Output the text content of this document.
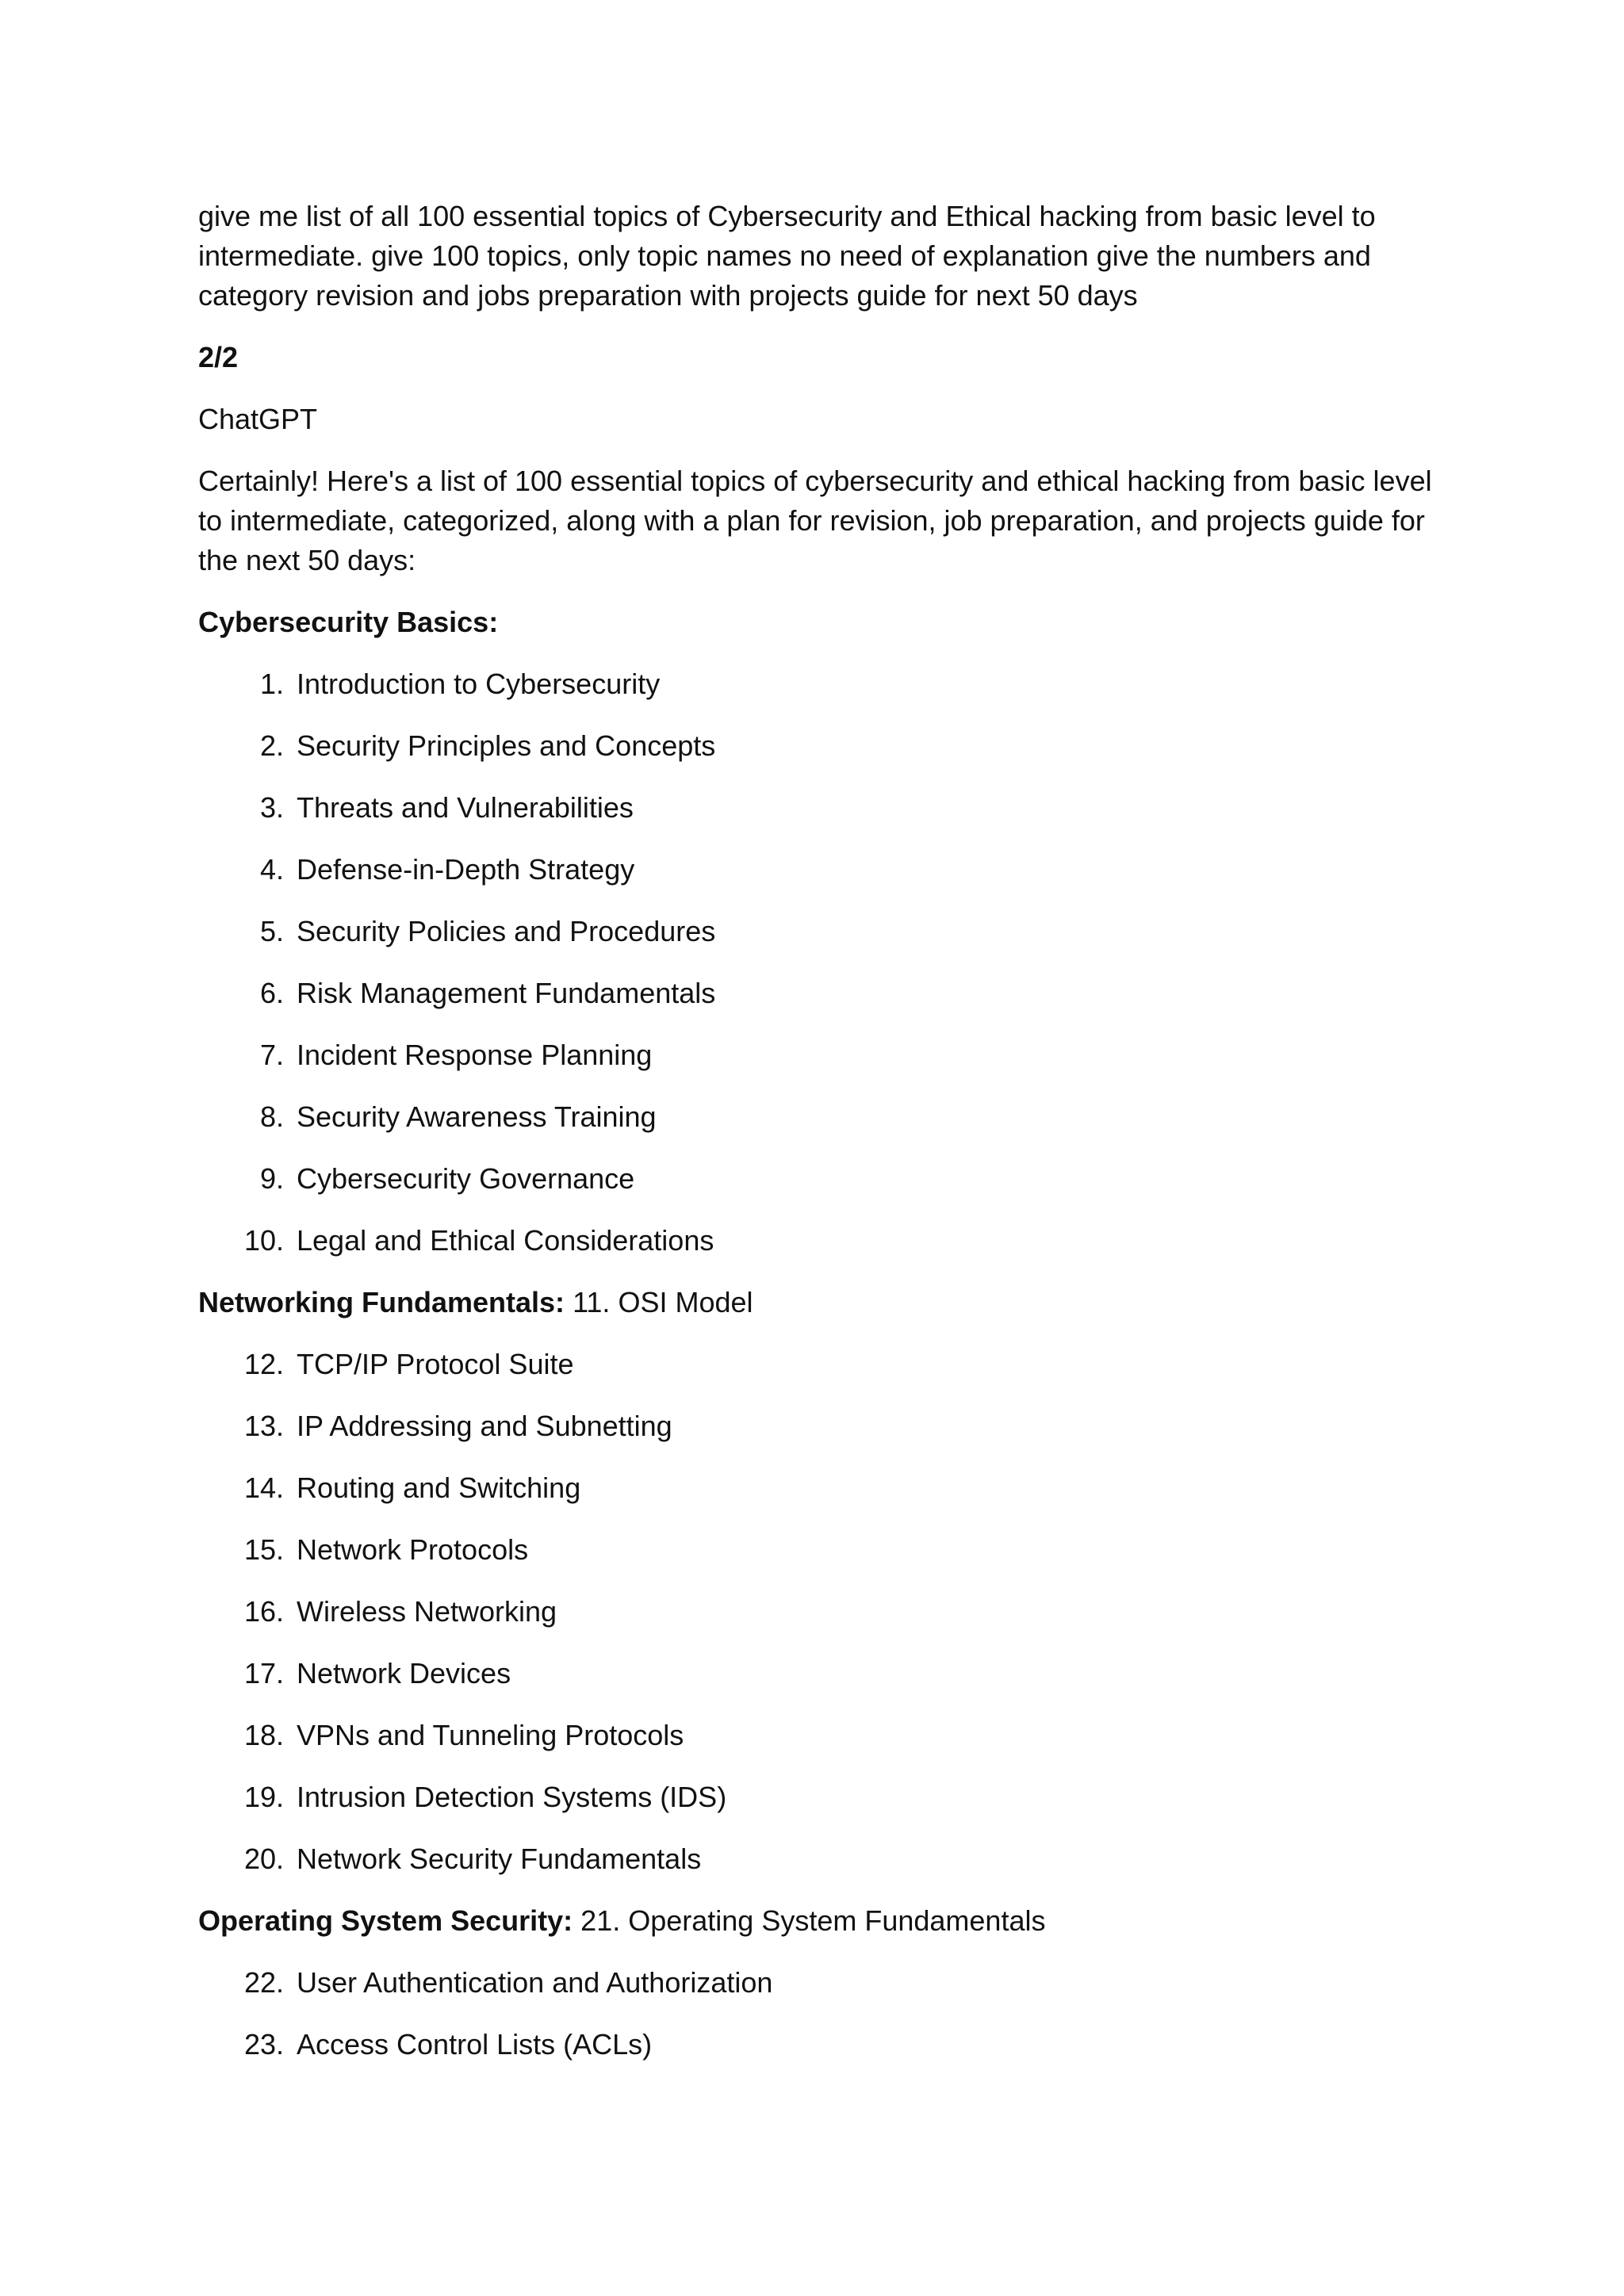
give me list of all 100 essential topics of Cybersecurity and Ethical hacking from basic level to intermediate. give 100 topics, only topic names no need of explanation give the numbers and category revision and jobs preparation with projects guide for next 50 days

2/2

ChatGPT

Certainly! Here's a list of 100 essential topics of cybersecurity and ethical hacking from basic level to intermediate, categorized, along with a plan for revision, job preparation, and projects guide for the next 50 days:

Cybersecurity Basics:

1. Introduction to Cybersecurity
2. Security Principles and Concepts
3. Threats and Vulnerabilities
4. Defense-in-Depth Strategy
5. Security Policies and Procedures
6. Risk Management Fundamentals
7. Incident Response Planning
8. Security Awareness Training
9. Cybersecurity Governance
10. Legal and Ethical Considerations

Networking Fundamentals: 11. OSI Model

12. TCP/IP Protocol Suite
13. IP Addressing and Subnetting
14. Routing and Switching
15. Network Protocols
16. Wireless Networking
17. Network Devices
18. VPNs and Tunneling Protocols
19. Intrusion Detection Systems (IDS)
20. Network Security Fundamentals

Operating System Security: 21. Operating System Fundamentals

22. User Authentication and Authorization
23. Access Control Lists (ACLs)
